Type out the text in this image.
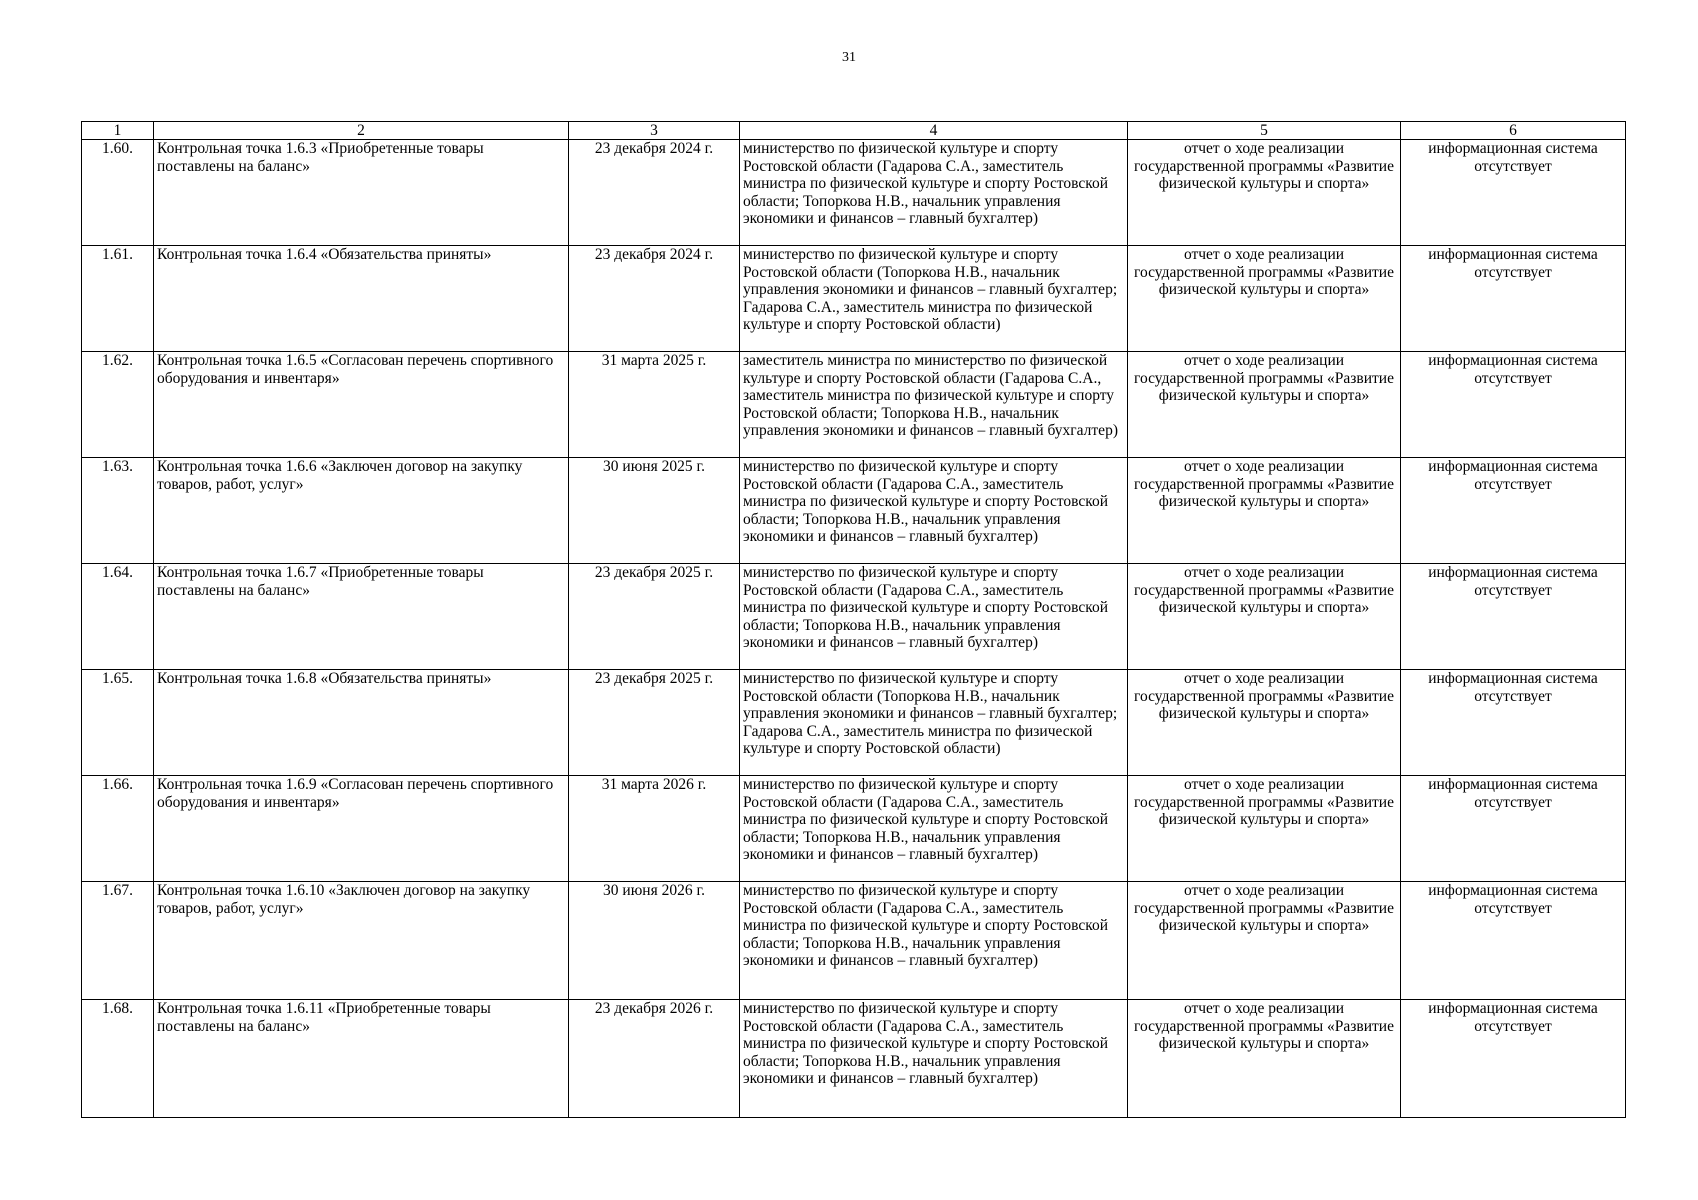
31
1	2	3	4	5	6
1.60.	Контрольная точка 1.6.3 «Приобретенные товары поставлены на баланс»	23 декабря 2024 г.	министерство по физической культуре и спорту Ростовской области (Гадарова С.А., заместитель министра по физической культуре и спорту Ростовской области; Топоркова Н.В., начальник управления экономики и финансов – главный бухгалтер)	отчет о ходе реализации государственной программы «Развитие физической культуры и спорта»	информационная система отсутствует
1.61.	Контрольная точка 1.6.4 «Обязательства приняты»	23 декабря 2024 г.	министерство по физической культуре и спорту Ростовской области (Топоркова Н.В., начальник управления экономики и финансов – главный бухгалтер; Гадарова С.А., заместитель министра по физической культуре и спорту Ростовской области)	отчет о ходе реализации государственной программы «Развитие физической культуры и спорта»	информационная система отсутствует
1.62.	Контрольная точка 1.6.5 «Согласован перечень спортивного оборудования и инвентаря»	31 марта 2025 г.	заместитель министра по министерство по физической культуре и спорту Ростовской области (Гадарова С.А., заместитель министра по физической культуре и спорту Ростовской области; Топоркова Н.В., начальник управления экономики и финансов – главный бухгалтер)	отчет о ходе реализации государственной программы «Развитие физической культуры и спорта»	информационная система отсутствует
1.63.	Контрольная точка 1.6.6 «Заключен договор на закупку товаров, работ, услуг»	30 июня 2025 г.	министерство по физической культуре и спорту Ростовской области (Гадарова С.А., заместитель министра по физической культуре и спорту Ростовской области; Топоркова Н.В., начальник управления экономики и финансов – главный бухгалтер)	отчет о ходе реализации государственной программы «Развитие физической культуры и спорта»	информационная система отсутствует
1.64.	Контрольная точка 1.6.7 «Приобретенные товары поставлены на баланс»	23 декабря 2025 г.	министерство по физической культуре и спорту Ростовской области (Гадарова С.А., заместитель министра по физической культуре и спорту Ростовской области; Топоркова Н.В., начальник управления экономики и финансов – главный бухгалтер)	отчет о ходе реализации государственной программы «Развитие физической культуры и спорта»	информационная система отсутствует
1.65.	Контрольная точка 1.6.8 «Обязательства приняты»	23 декабря 2025 г.	министерство по физической культуре и спорту Ростовской области (Топоркова Н.В., начальник управления экономики и финансов – главный бухгалтер; Гадарова С.А., заместитель министра по физической культуре и спорту Ростовской области)	отчет о ходе реализации государственной программы «Развитие физической культуры и спорта»	информационная система отсутствует
1.66.	Контрольная точка 1.6.9 «Согласован перечень спортивного оборудования и инвентаря»	31 марта 2026 г.	министерство по физической культуре и спорту Ростовской области (Гадарова С.А., заместитель министра по физической культуре и спорту Ростовской области; Топоркова Н.В., начальник управления экономики и финансов – главный бухгалтер)	отчет о ходе реализации государственной программы «Развитие физической культуры и спорта»	информационная система отсутствует
1.67.	Контрольная точка 1.6.10 «Заключен договор на закупку товаров, работ, услуг»	30 июня 2026 г.	министерство по физической культуре и спорту Ростовской области (Гадарова С.А., заместитель министра по физической культуре и спорту Ростовской области; Топоркова Н.В., начальник управления экономики и финансов – главный бухгалтер)	отчет о ходе реализации государственной программы «Развитие физической культуры и спорта»	информационная система отсутствует
1.68.	Контрольная точка 1.6.11 «Приобретенные товары поставлены на баланс»	23 декабря 2026 г.	министерство по физической культуре и спорту Ростовской области (Гадарова С.А., заместитель министра по физической культуре и спорту Ростовской области; Топоркова Н.В., начальник управления экономики и финансов – главный бухгалтер)	отчет о ходе реализации государственной программы «Развитие физической культуры и спорта»	информационная система отсутствует
